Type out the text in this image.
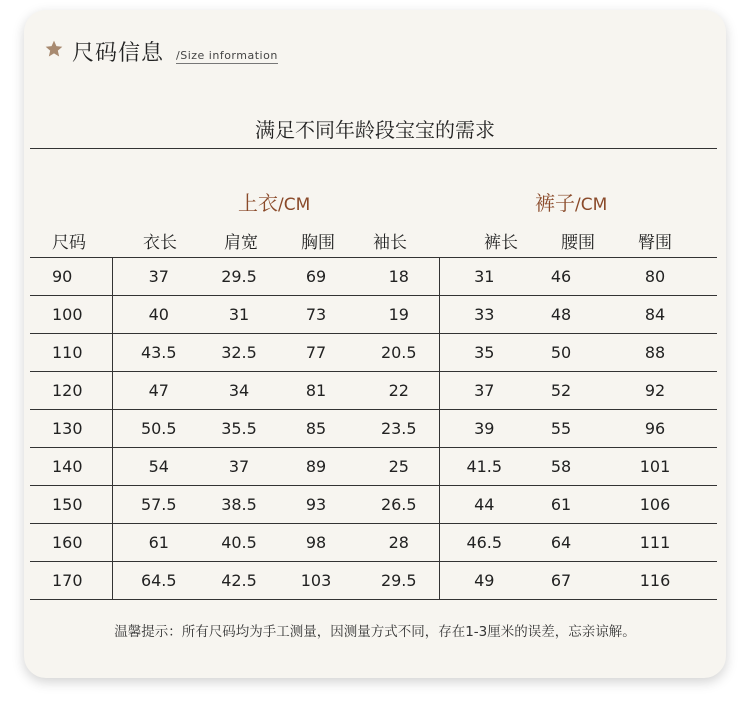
尺码信息 /Size information
满足不同年龄段宝宝的需求
上衣/CM	裤子/CM
尺码	衣长	肩宽	胸围	袖长	裤长	腰围	臀围
90	37	29.5	69	18	31	46	80
100	40	31	73	19	33	48	84
110	43.5	32.5	77	20.5	35	50	88
120	47	34	81	22	37	52	92
130	50.5	35.5	85	23.5	39	55	96
140	54	37	89	25	41.5	58	101
150	57.5	38.5	93	26.5	44	61	106
160	61	40.5	98	28	46.5	64	111
170	64.5	42.5	103	29.5	49	67	116
温馨提示：所有尺码均为手工测量，因测量方式不同，存在1-3厘米的误差，忘亲谅解。
